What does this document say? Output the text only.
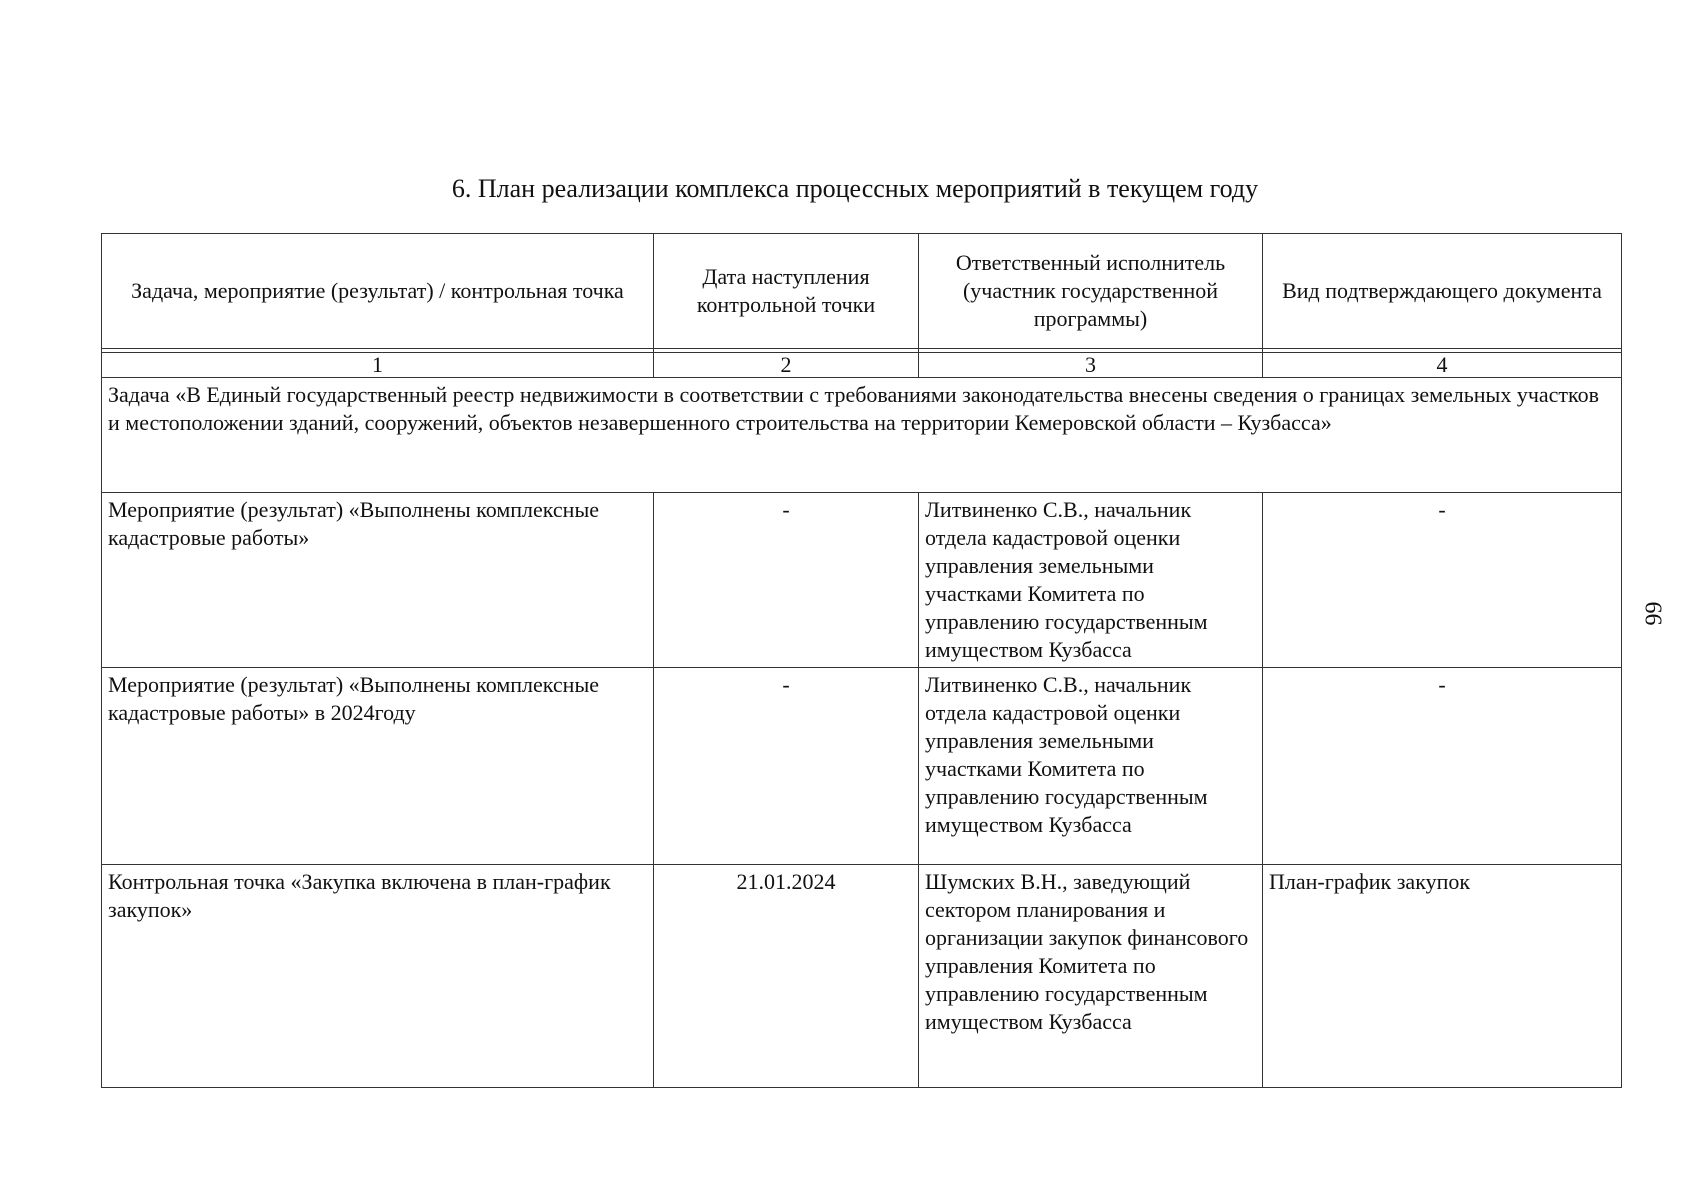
6. План реализации комплекса процессных мероприятий в текущем году
66
Задача, мероприятие (результат) / контрольная точка	Дата наступления контрольной точки	Ответственный исполнитель (участник государственной программы)	Вид подтверждающего документа

1	2	3	4
Задача «В Единый государственный реестр недвижимости в соответствии с требованиями законодательства внесены сведения о границах земельных участков и местоположении зданий, сооружений, объектов незавершенного строительства на территории Кемеровской области – Кузбасса»			
Мероприятие (результат) «Выполнены комплексные кадастровые работы»	-	Литвиненко С.В., начальник отдела кадастровой оценки управления земельными участками Комитета по управлению государственным имуществом Кузбасса	-
Мероприятие (результат) «Выполнены комплексные кадастровые работы» в 2024году	-	Литвиненко С.В., начальник отдела кадастровой оценки управления земельными участками Комитета по управлению государственным имуществом Кузбасса	-
Контрольная точка «Закупка включена в план-график закупок»	21.01.2024	Шумских В.Н., заведующий сектором планирования и организации закупок финансового управления Комитета по управлению государственным имуществом Кузбасса	План-график закупок
